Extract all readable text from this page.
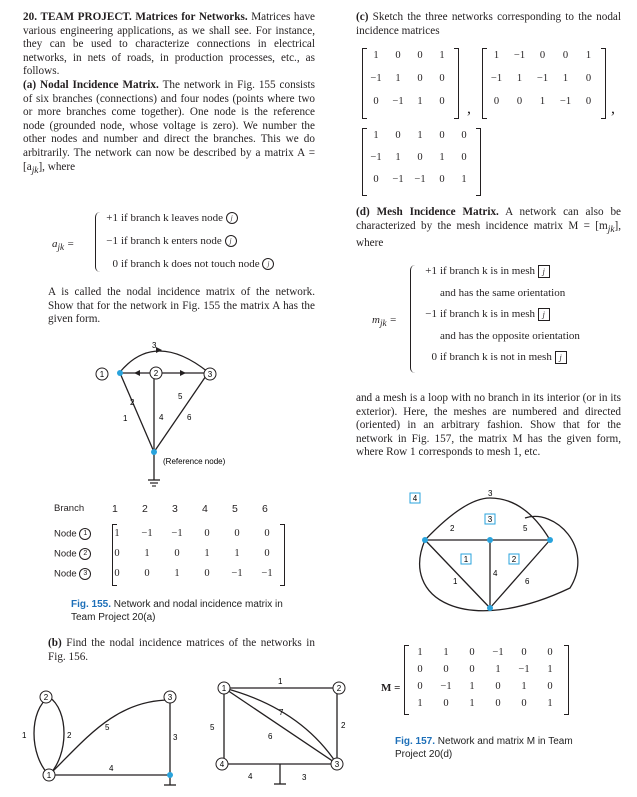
20. TEAM PROJECT. Matrices for Networks. Matrices have various engineering applications, as we shall see. For instance, they can be used to characterize connections in electrical networks, in nets of roads, in production processes, etc., as follows.

(a) Nodal Incidence Matrix. The network in Fig. 155 consists of six branches (connections) and four nodes (points where two or more branches come together). One node is the reference node (grounded node, whose voltage is zero). We number the other nodes and number and direct the branches. This we do arbitrarily. The network can now be described by a matrix $A = [a_{jk}]$, where

$a_{jk}$ =
+1 if branch k leaves node j
−1 if branch k enters node j
0 if branch k does not touch node j

A is called the nodal incidence matrix of the network. Show that for the network in Fig. 155 the matrix A has the given form.

1	2	3
1
2
3
4
5
6
(Reference node)
Branch	1 2 3 4 5 6
Node 1	1	−1	−1	0	0	0
Node 2	0	1	0	1	1	0
Node 3	0	0	1	0	−1	−1
Fig. 155. Network and nodal incidence matrix in Team Project 20(a)

(b) Find the nodal incidence matrices of the networks in Fig. 156.

2
1
3
1	2	3
4
5
1	2
3
4
1
2
3
4
5
6
7

(c) Sketch the three networks corresponding to the nodal incidence matrices

1	0	0	1
−1	1	0	0
0	−1	1	0
1	−1	0	0	1
−1	1	−1	1	0
0	0	1	−1	0
1	0	1	0	0
−1	1	0	1	0
0	−1	−1	0	1
,	,

(d) Mesh Incidence Matrix. A network can also be characterized by the mesh incidence matrix $M = [m_{jk}]$, where

$m_{jk}$ =
+1 if branch k is in mesh j
and has the same orientation
−1 if branch k is in mesh j
and has the opposite orientation
0 if branch k is not in mesh j

and a mesh is a loop with no branch in its interior (or in its exterior). Here, the meshes are numbered and directed (oriented) in an arbitrary fashion. Show that for the network in Fig. 157, the matrix M has the given form, where Row 1 corresponds to mesh 1, etc.

4
3
1	2
1
2
3
4
5
6
M =
1	1	0	−1	0	0
0	0	0	1	−1	1
0	−1	1	0	1	0
1	0	1	0	0	1
Fig. 157. Network and matrix M in Team Project 20(d)
